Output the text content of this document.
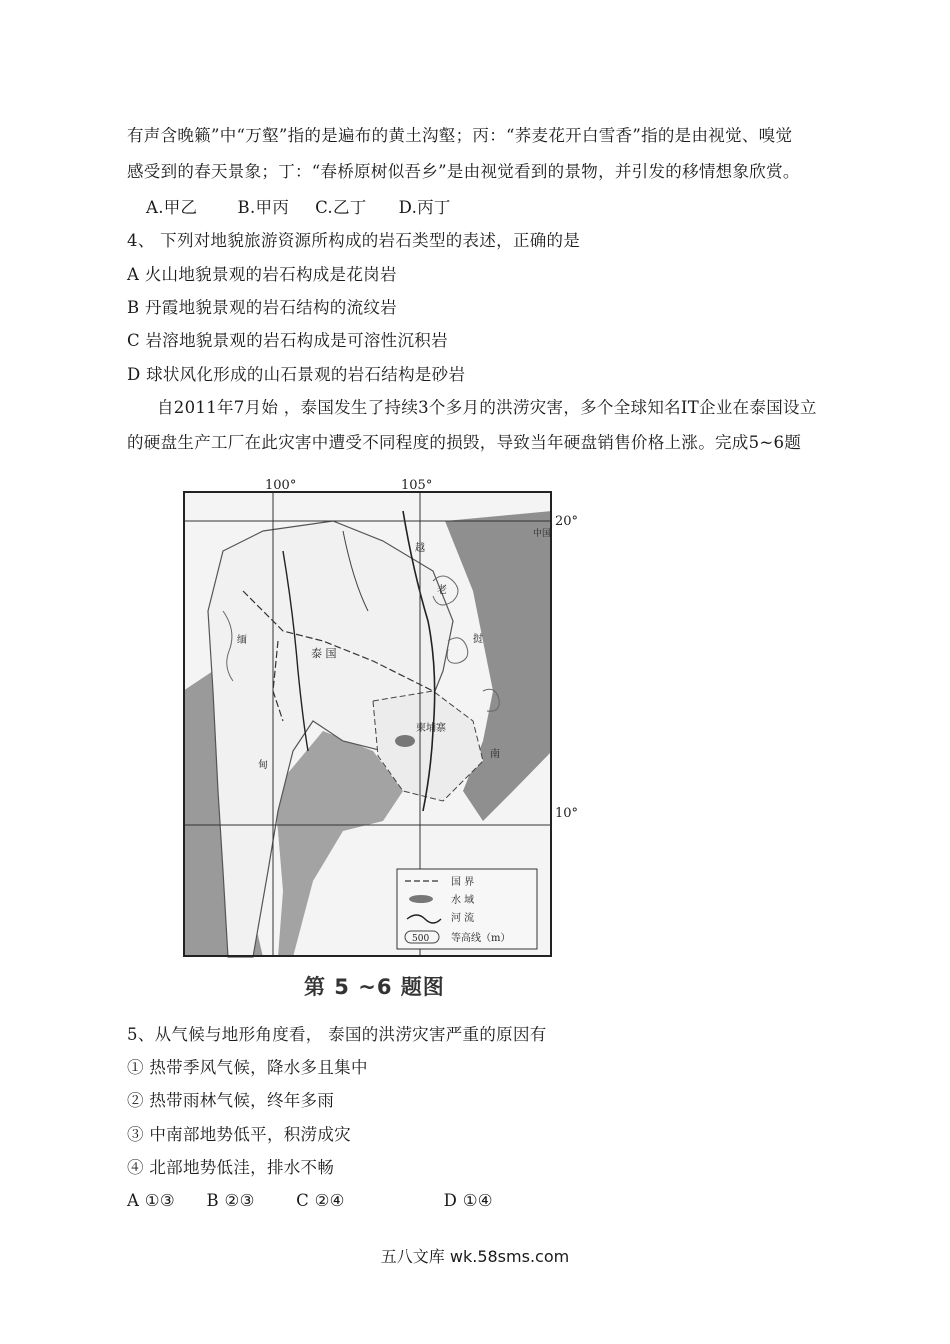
有声含晚籁”中“万壑”指的是遍布的黄土沟壑；丙：“荞麦花开白雪香”指的是由视觉、嗅觉
感受到的春天景象；丁：“春桥原树似吾乡”是由视觉看到的景物，并引发的移情想象欣赏。
A.甲乙 B.甲丙 C.乙丁 D.丙丁
4、 下列对地貌旅游资源所构成的岩石类型的表述，正确的是
A 火山地貌景观的岩石构成是花岗岩
B 丹霞地貌景观的岩石结构的流纹岩
C 岩溶地貌景观的岩石构成是可溶性沉积岩
D 球状风化形成的山石景观的岩石结构是砂岩
自2011年7月始 ，泰国发生了持续3个多月的洪涝灾害，多个全球知名IT企业在泰国设立
的硬盘生产工厂在此灾害中遭受不同程度的损毁，导致当年硬盘销售价格上涨。完成5~6题
100°	105°
20°
10°
中国
越
老
挝
泰 国
柬埔寨
缅
甸
南
国 界
水 域
河 流
500 等高线（m）
第 5 ~6 题图
5、从气候与地形角度看， 泰国的洪涝灾害严重的原因有
① 热带季风气候，降水多且集中
② 热带雨林气候，终年多雨
③ 中南部地势低平，积涝成灾
④ 北部地势低洼，排水不畅
A ①③ B ②③	C ②④	D ①④
五八文库 wk.58sms.com
